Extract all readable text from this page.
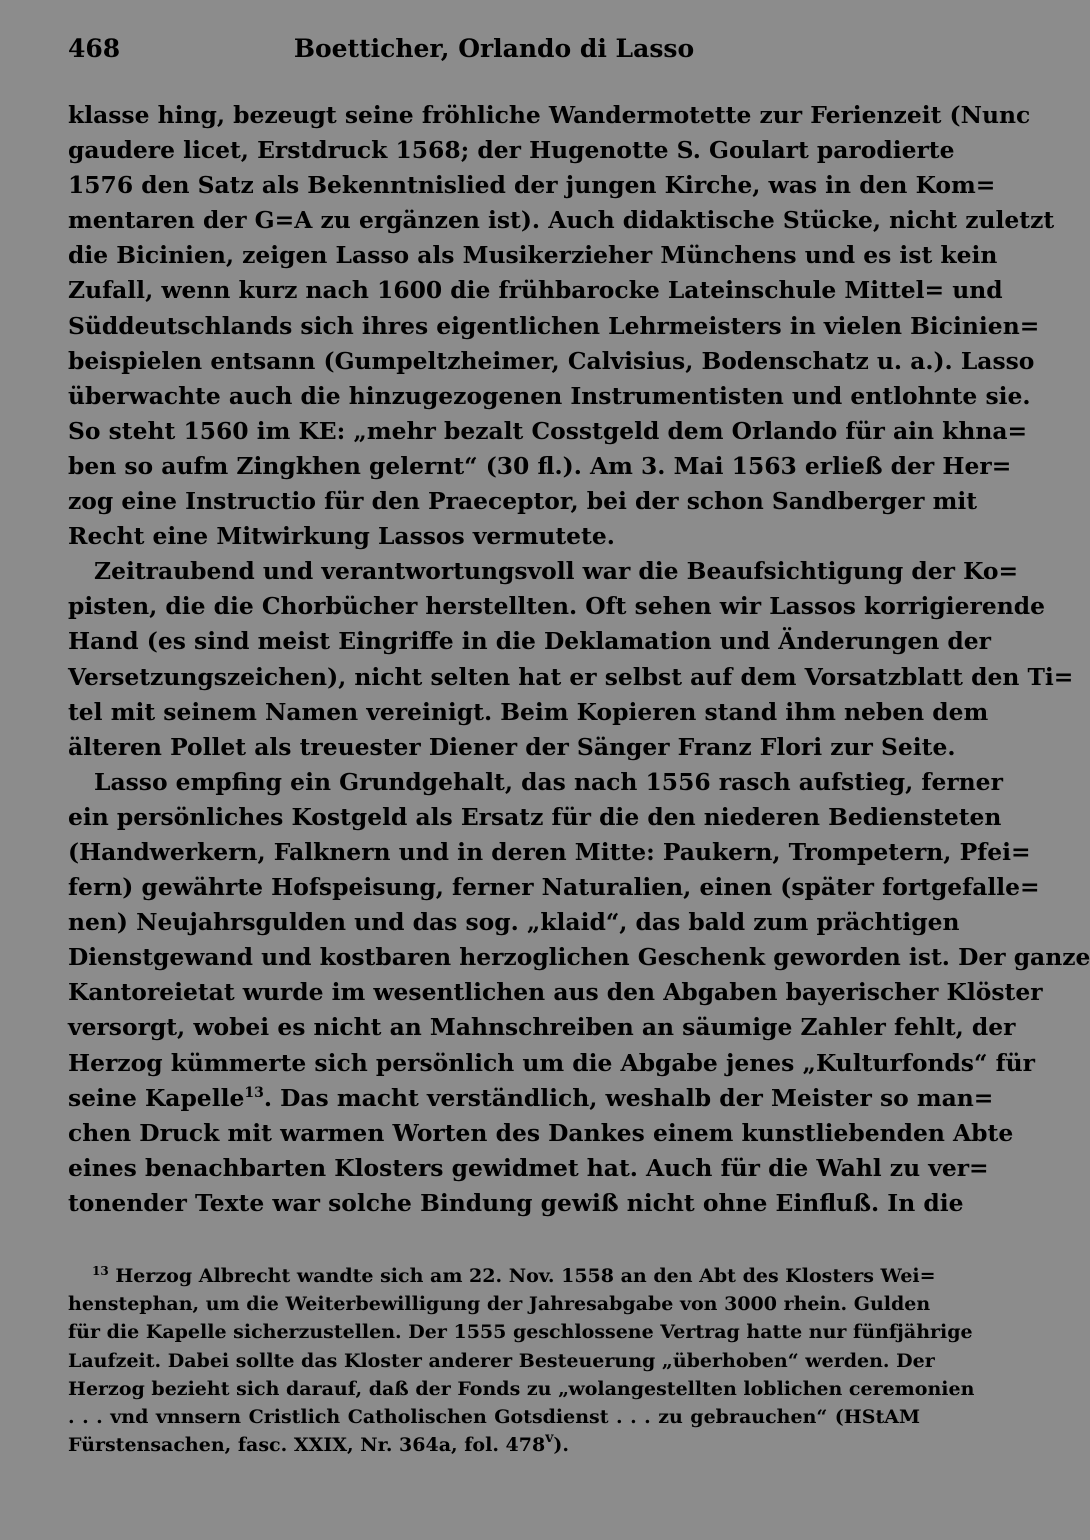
468	Boetticher, Orlando di Lasso
klasse hing, bezeugt seine fröhliche Wandermotette zur Ferienzeit (Nunc
gaudere licet, Erstdruck 1568; der Hugenotte S. Goulart parodierte
1576 den Satz als Bekenntnislied der jungen Kirche, was in den Kom=
mentaren der G=A zu ergänzen ist). Auch didaktische Stücke, nicht zuletzt
die Bicinien, zeigen Lasso als Musikerzieher Münchens und es ist kein
Zufall, wenn kurz nach 1600 die frühbarocke Lateinschule Mittel= und
Süddeutschlands sich ihres eigentlichen Lehrmeisters in vielen Bicinien=
beispielen entsann (Gumpeltzheimer, Calvisius, Bodenschatz u. a.). Lasso
überwachte auch die hinzugezogenen Instrumentisten und entlohnte sie.
So steht 1560 im KE: „mehr bezalt Cosstgeld dem Orlando für ain khna=
ben so aufm Zingkhen gelernt“ (30 fl.). Am 3. Mai 1563 erließ der Her=
zog eine Instructio für den Praeceptor, bei der schon Sandberger mit
Recht eine Mitwirkung Lassos vermutete.
Zeitraubend und verantwortungsvoll war die Beaufsichtigung der Ko=
pisten, die die Chorbücher herstellten. Oft sehen wir Lassos korrigierende
Hand (es sind meist Eingriffe in die Deklamation und Änderungen der
Versetzungszeichen), nicht selten hat er selbst auf dem Vorsatzblatt den Ti=
tel mit seinem Namen vereinigt. Beim Kopieren stand ihm neben dem
älteren Pollet als treuester Diener der Sänger Franz Flori zur Seite.
Lasso empfing ein Grundgehalt, das nach 1556 rasch aufstieg, ferner
ein persönliches Kostgeld als Ersatz für die den niederen Bediensteten
(Handwerkern, Falknern und in deren Mitte: Paukern, Trompetern, Pfei=
fern) gewährte Hofspeisung, ferner Naturalien, einen (später fortgefalle=
nen) Neujahrsgulden und das sog. „klaid“, das bald zum prächtigen
Dienstgewand und kostbaren herzoglichen Geschenk geworden ist. Der ganze
Kantoreietat wurde im wesentlichen aus den Abgaben bayerischer Klöster
versorgt, wobei es nicht an Mahnschreiben an säumige Zahler fehlt, der
Herzog kümmerte sich persönlich um die Abgabe jenes „Kulturfonds“ für
seine Kapelle$^{13}$. Das macht verständlich, weshalb der Meister so man=
chen Druck mit warmen Worten des Dankes einem kunstliebenden Abte
eines benachbarten Klosters gewidmet hat. Auch für die Wahl zu ver=
tonender Texte war solche Bindung gewiß nicht ohne Einfluß. In die
$^{13}$ Herzog Albrecht wandte sich am 22. Nov. 1558 an den Abt des Klosters Wei=
henstephan, um die Weiterbewilligung der Jahresabgabe von 3000 rhein. Gulden
für die Kapelle sicherzustellen. Der 1555 geschlossene Vertrag hatte nur fünfjährige
Laufzeit. Dabei sollte das Kloster anderer Besteuerung „überhoben“ werden. Der
Herzog bezieht sich darauf, daß der Fonds zu „wolangestellten loblichen ceremonien
. . . vnd vnnsern Cristlich Catholischen Gotsdienst . . . zu gebrauchen“ (HStAM
Fürstensachen, fasc. XXIX, Nr. 364a, fol. 478$^v$).
